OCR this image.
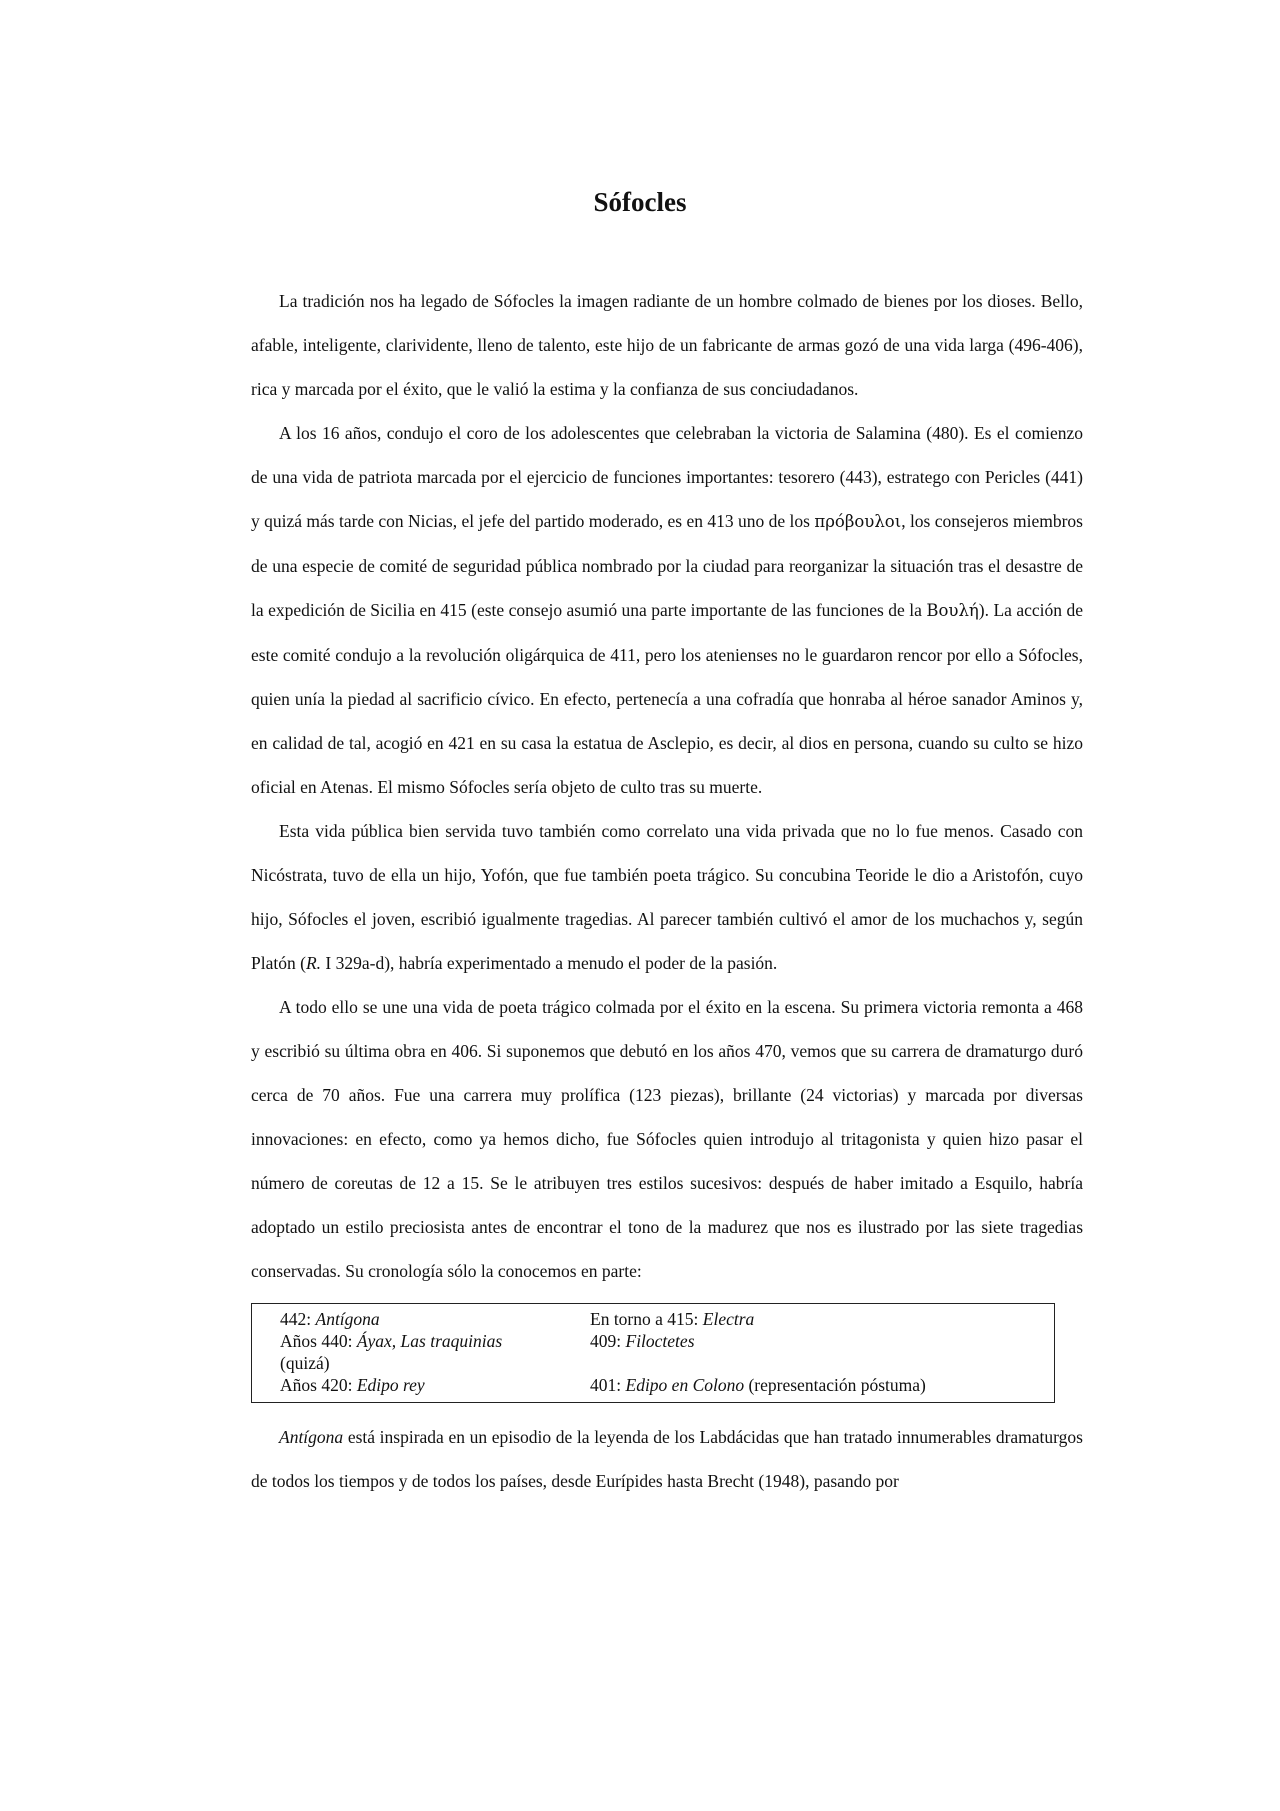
Sófocles

La tradición nos ha legado de Sófocles la imagen radiante de un hombre colmado de bienes por los dioses. Bello, afable, inteligente, clarividente, lleno de talento, este hijo de un fabricante de armas gozó de una vida larga (496-406), rica y marcada por el éxito, que le valió la estima y la confianza de sus conciudadanos.

A los 16 años, condujo el coro de los adolescentes que celebraban la victoria de Salamina (480). Es el comienzo de una vida de patriota marcada por el ejercicio de funciones importantes: tesorero (443), estratego con Pericles (441) y quizá más tarde con Nicias, el jefe del partido moderado, es en 413 uno de los πρόβουλοι, los consejeros miembros de una especie de comité de seguridad pública nombrado por la ciudad para reorganizar la situación tras el desastre de la expedición de Sicilia en 415 (este consejo asumió una parte importante de las funciones de la Βουλή). La acción de este comité condujo a la revolución oligárquica de 411, pero los atenienses no le guardaron rencor por ello a Sófocles, quien unía la piedad al sacrificio cívico. En efecto, pertenecía a una cofradía que honraba al héroe sanador Aminos y, en calidad de tal, acogió en 421 en su casa la estatua de Asclepio, es decir, al dios en persona, cuando su culto se hizo oficial en Atenas. El mismo Sófocles sería objeto de culto tras su muerte.

Esta vida pública bien servida tuvo también como correlato una vida privada que no lo fue menos. Casado con Nicóstrata, tuvo de ella un hijo, Yofón, que fue también poeta trágico. Su concubina Teoride le dio a Aristofón, cuyo hijo, Sófocles el joven, escribió igualmente tragedias. Al parecer también cultivó el amor de los muchachos y, según Platón (R. I 329a-d), habría experimentado a menudo el poder de la pasión.

A todo ello se une una vida de poeta trágico colmada por el éxito en la escena. Su primera victoria remonta a 468 y escribió su última obra en 406. Si suponemos que debutó en los años 470, vemos que su carrera de dramaturgo duró cerca de 70 años. Fue una carrera muy prolífica (123 piezas), brillante (24 victorias) y marcada por diversas innovaciones: en efecto, como ya hemos dicho, fue Sófocles quien introdujo al tritagonista y quien hizo pasar el número de coreutas de 12 a 15. Se le atribuyen tres estilos sucesivos: después de haber imitado a Esquilo, habría adoptado un estilo preciosista antes de encontrar el tono de la madurez que nos es ilustrado por las siete tragedias conservadas. Su cronología sólo la conocemos en parte:

442: Antígona	En torno a 415: Electra
Años 440: Áyax, Las traquinias	409: Filoctetes
(quizá)	
Años 420: Edipo rey	401: Edipo en Colono (representación póstuma)

Antígona está inspirada en un episodio de la leyenda de los Labdácidas que han tratado innumerables dramaturgos de todos los tiempos y de todos los países, desde Eurípides hasta Brecht (1948), pasando por
